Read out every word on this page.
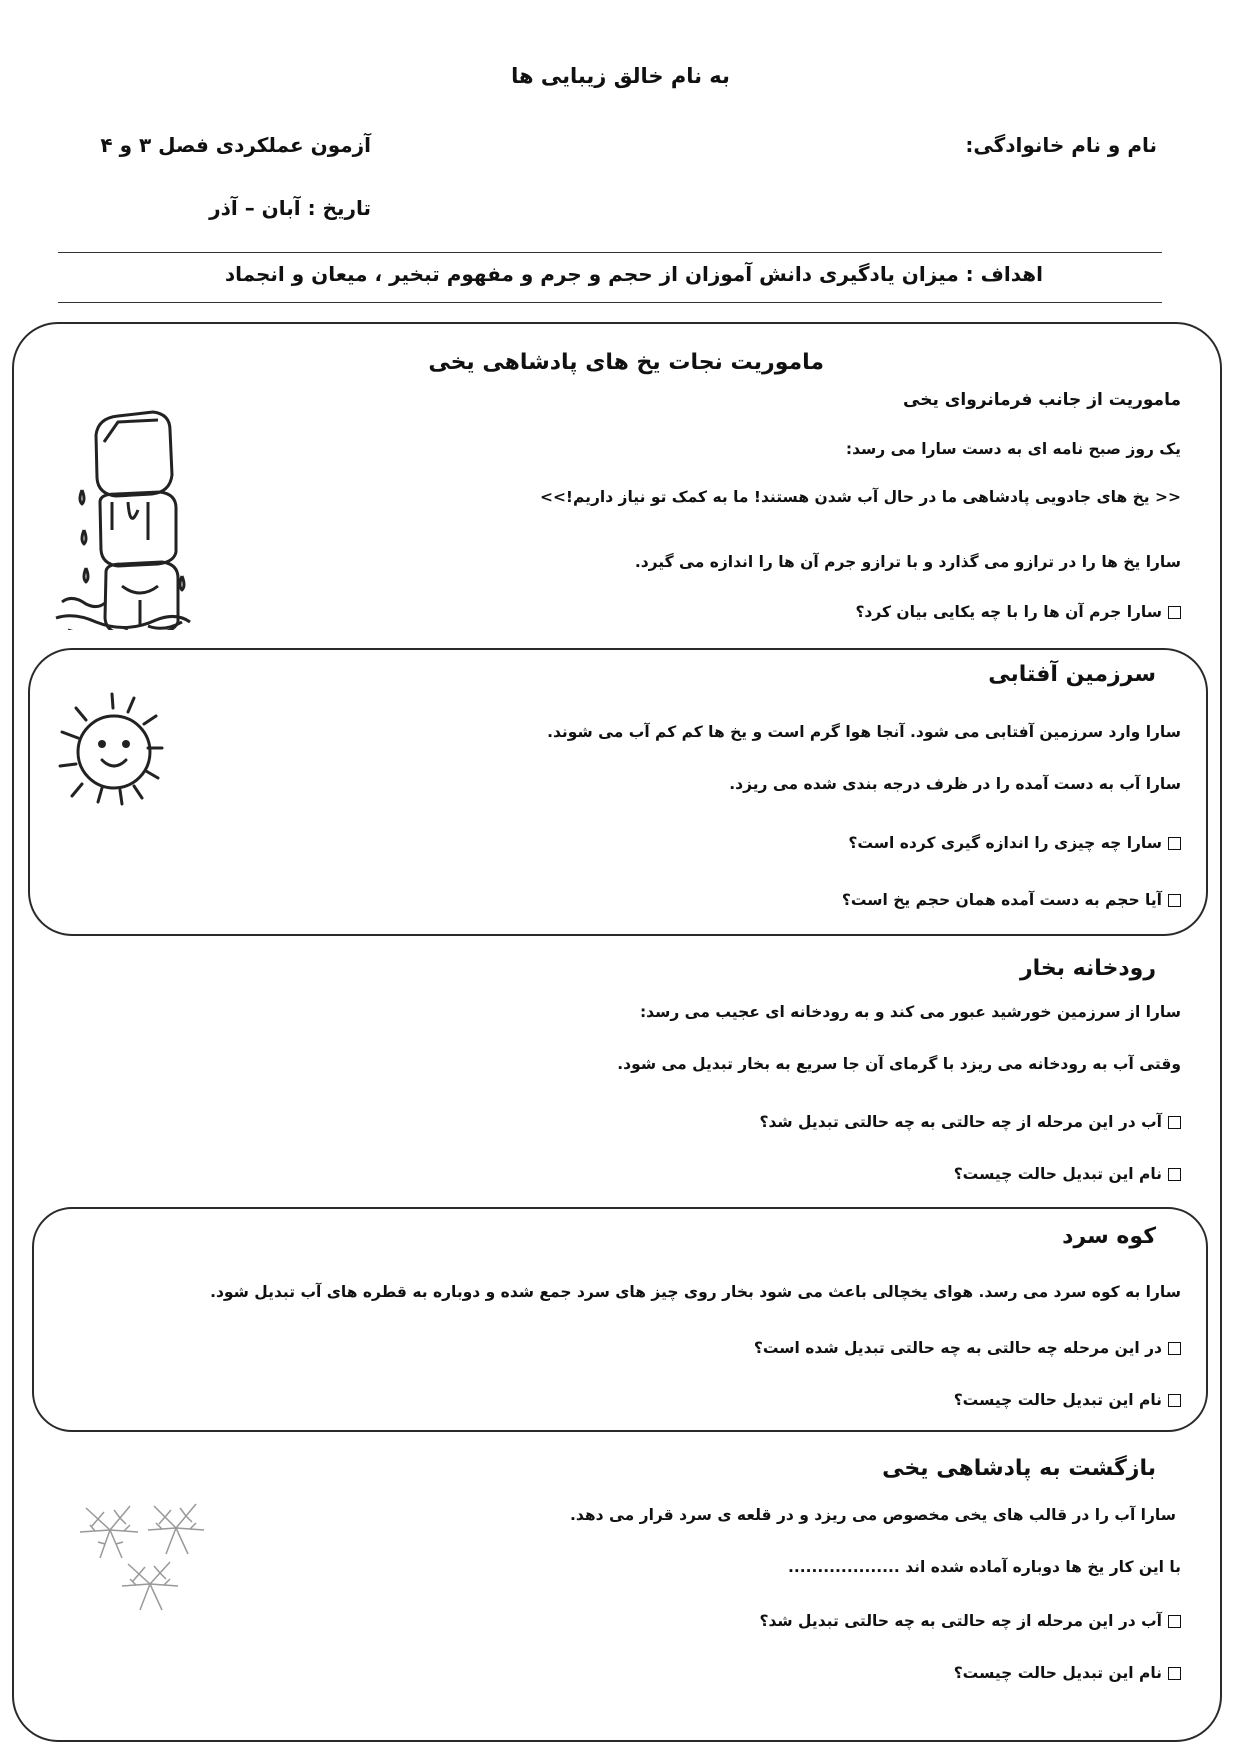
به نام خالق زیبایی ها
نام و نام خانوادگی:
آزمون عملکردی فصل ۳ و ۴
تاریخ : آبان – آذر
اهداف : میزان یادگیری دانش آموزان از حجم و جرم و مفهوم تبخیر ، میعان و انجماد
ماموریت نجات یخ های پادشاهی یخی
ماموریت از جانب فرمانروای یخی
یک روز صبح نامه ای به دست سارا می رسد:
<< یخ های جادویی پادشاهی ما در حال آب شدن هستند! ما به کمک تو نیاز داریم!>>
سارا یخ ها را در ترازو می گذارد و با ترازو جرم آن ها را اندازه می گیرد.
سارا جرم آن ها را با چه یکایی بیان کرد؟
سرزمین آفتابی
سارا وارد سرزمین آفتابی می شود. آنجا هوا گرم است و یخ ها کم کم آب می شوند.
سارا آب به دست آمده را در ظرف درجه بندی شده می ریزد.
سارا چه چیزی را اندازه گیری کرده است؟
آیا حجم به دست آمده همان حجم یخ است؟
رودخانه بخار
سارا از سرزمین خورشید عبور می کند و به رودخانه ای عجیب می رسد:
وقتی آب به رودخانه می ریزد با گرمای آن جا سریع به بخار تبدیل می شود.
آب در این مرحله از چه حالتی به چه حالتی تبدیل شد؟
نام این تبدیل حالت چیست؟
کوه سرد
سارا به کوه سرد می رسد. هوای یخچالی باعث می شود بخار روی چیز های سرد جمع شده و دوباره به قطره های آب تبدیل شود.
در این مرحله چه حالتی به چه حالتی تبدیل شده است؟
نام این تبدیل حالت چیست؟
بازگشت به پادشاهی یخی
سارا آب را در قالب های یخی مخصوص می ریزد و در قلعه ی سرد قرار می دهد.
با این کار یخ ها دوباره آماده شده اند ...................
آب در این مرحله از چه حالتی به چه حالتی تبدیل شد؟
نام این تبدیل حالت چیست؟
